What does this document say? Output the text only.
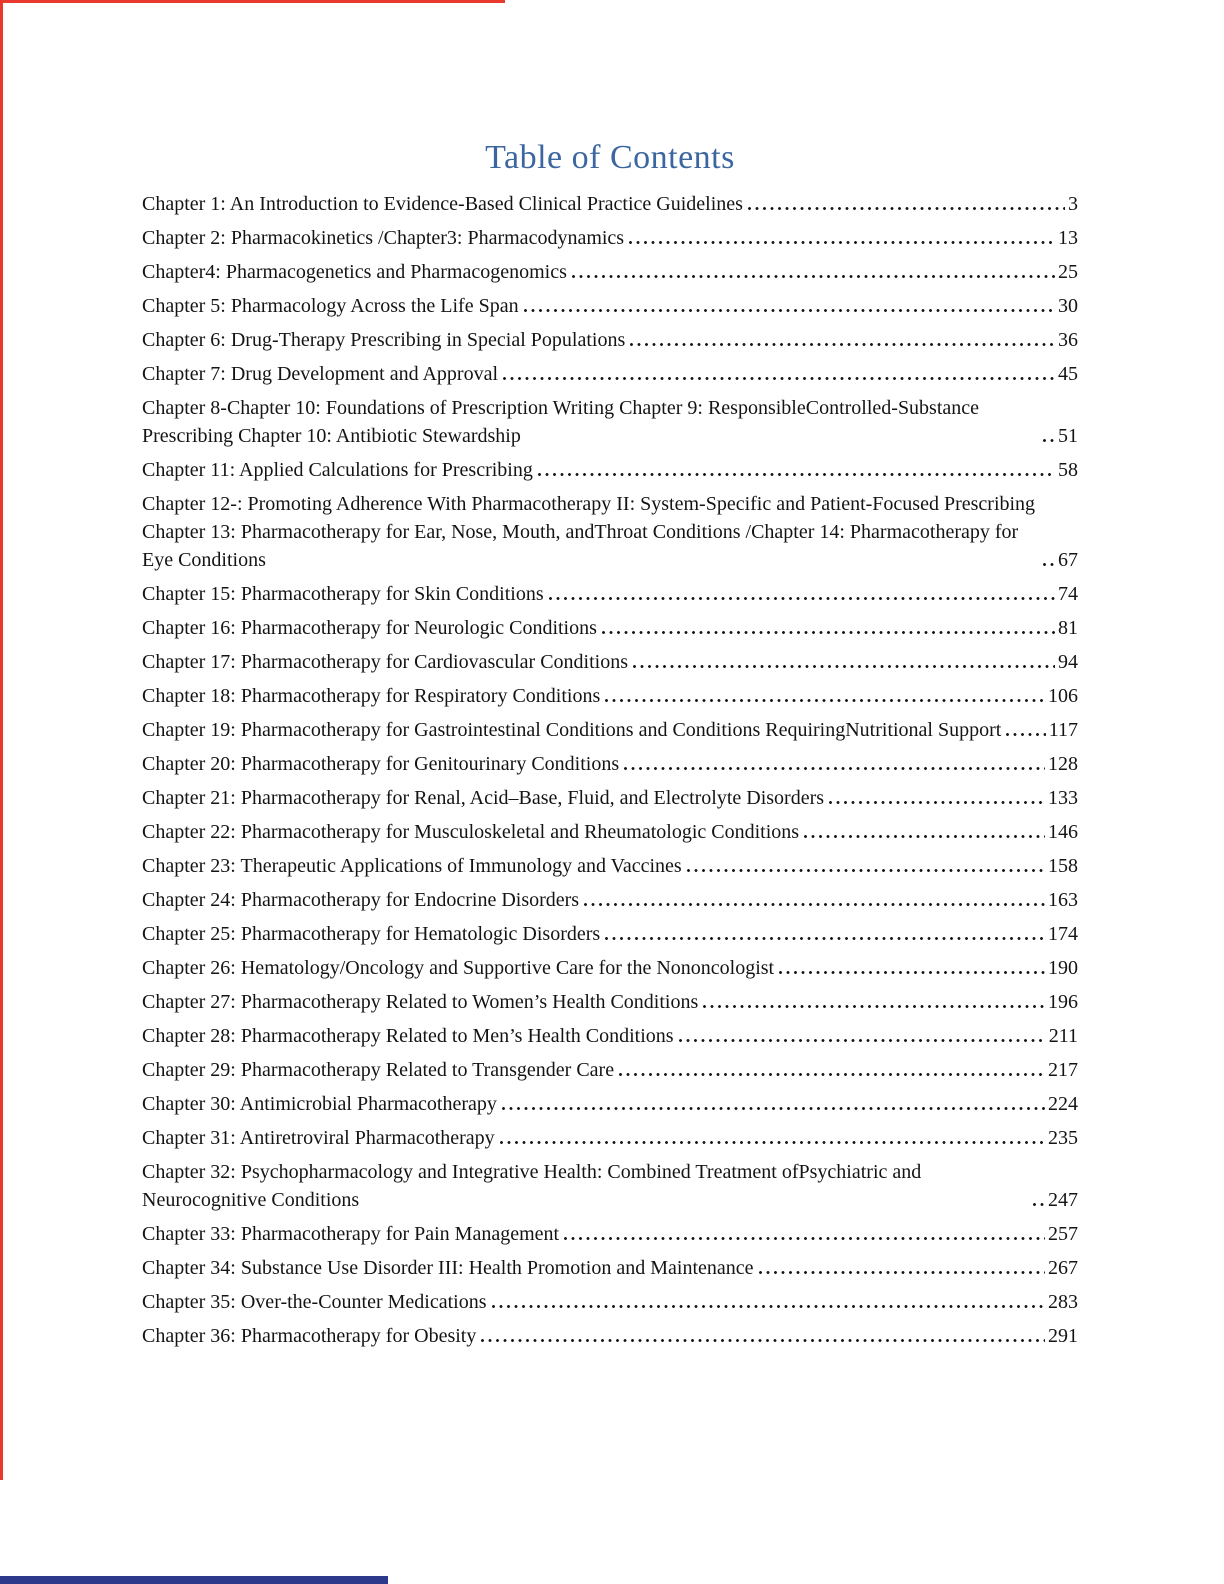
Table of Contents
Chapter 1: An Introduction to Evidence-Based Clinical Practice Guidelines	3
Chapter 2: Pharmacokinetics /Chapter3: Pharmacodynamics	13
Chapter4: Pharmacogenetics and Pharmacogenomics	25
Chapter 5: Pharmacology Across the Life Span	30
Chapter 6: Drug-Therapy Prescribing in Special Populations	36
Chapter 7: Drug Development and Approval	45
Chapter 8-Chapter 10: Foundations of Prescription Writing Chapter 9: ResponsibleControlled-Substance Prescribing Chapter 10: Antibiotic Stewardship	51
Chapter 11: Applied Calculations for Prescribing	58
Chapter 12-: Promoting Adherence With Pharmacotherapy II: System-Specific and Patient-Focused Prescribing Chapter 13: Pharmacotherapy for Ear, Nose, Mouth, andThroat Conditions /Chapter 14: Pharmacotherapy for Eye Conditions	67
Chapter 15: Pharmacotherapy for Skin Conditions	74
Chapter 16: Pharmacotherapy for Neurologic Conditions	81
Chapter 17: Pharmacotherapy for Cardiovascular Conditions	94
Chapter 18: Pharmacotherapy for Respiratory Conditions	106
Chapter 19: Pharmacotherapy for Gastrointestinal Conditions and Conditions RequiringNutritional Support 117
Chapter 20: Pharmacotherapy for Genitourinary Conditions	128
Chapter 21: Pharmacotherapy for Renal, Acid–Base, Fluid, and Electrolyte Disorders	133
Chapter 22: Pharmacotherapy for Musculoskeletal and Rheumatologic Conditions	146
Chapter 23: Therapeutic Applications of Immunology and Vaccines	158
Chapter 24: Pharmacotherapy for Endocrine Disorders	163
Chapter 25: Pharmacotherapy for Hematologic Disorders	174
Chapter 26: Hematology/Oncology and Supportive Care for the Nononcologist	190
Chapter 27: Pharmacotherapy Related to Women’s Health Conditions	196
Chapter 28: Pharmacotherapy Related to Men’s Health Conditions	211
Chapter 29: Pharmacotherapy Related to Transgender Care	217
Chapter 30: Antimicrobial Pharmacotherapy	224
Chapter 31: Antiretroviral Pharmacotherapy	235
Chapter 32: Psychopharmacology and Integrative Health: Combined Treatment ofPsychiatric and Neurocognitive Conditions	247
Chapter 33: Pharmacotherapy for Pain Management	257
Chapter 34: Substance Use Disorder III: Health Promotion and Maintenance	267
Chapter 35: Over-the-Counter Medications	283
Chapter 36: Pharmacotherapy for Obesity	291
